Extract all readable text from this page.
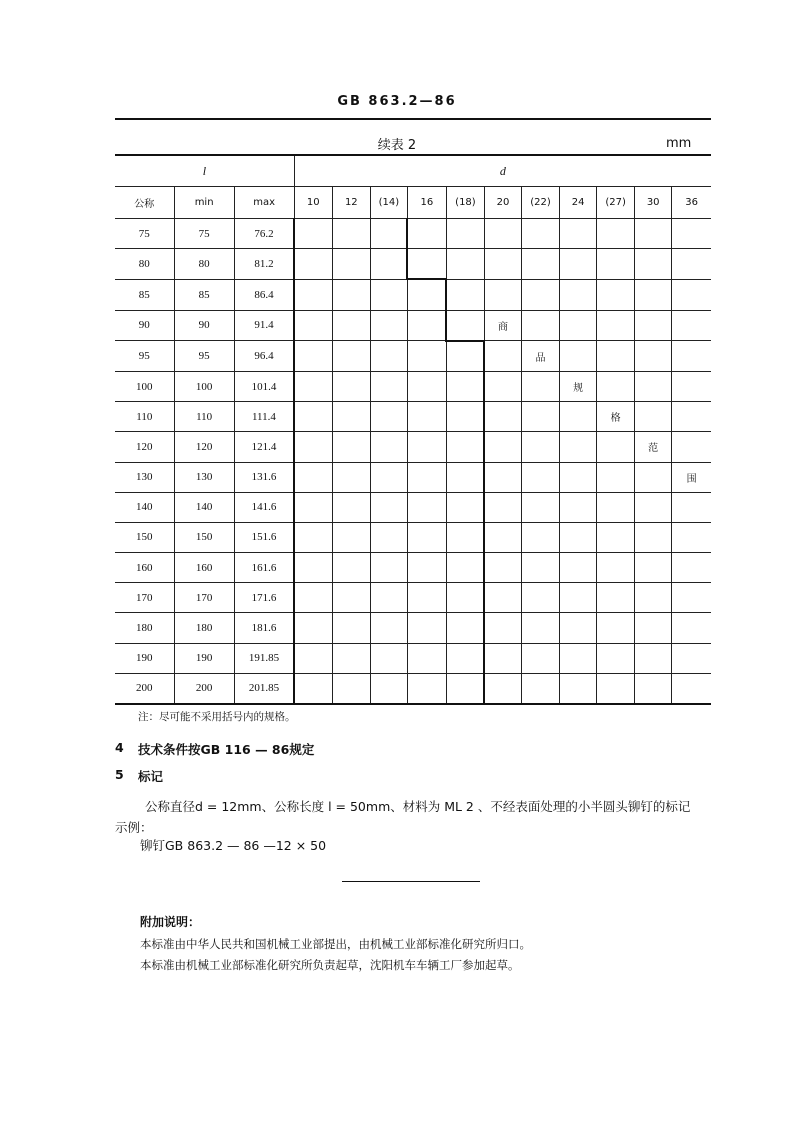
GB 863.2—86
续表 2	mm
l			d										
公称	min	max	10	12	(14)	16	(18)	20	(22)	24	(27)	30	36
75	75	76.2											
80	80	81.2											
85	85	86.4											
90	90	91.4						商					
95	95	96.4							品				
100	100	101.4								规			
110	110	111.4									格		
120	120	121.4										范	
130	130	131.6											围
140	140	141.6											
150	150	151.6											
160	160	161.6											
170	170	171.6											
180	180	181.6											
190	190	191.85											
200	200	201.85											
注：尽可能不采用括号内的规格。
4 技术条件按GB 116 — 86规定
5 标记
公称直径d = 12mm、公称长度 l = 50mm、材料为 ML 2 、不经表面处理的小半圆头铆钉的标记
示例：
铆钉GB 863.2 — 86 —12 × 50
附加说明：
本标准由中华人民共和国机械工业部提出，由机械工业部标准化研究所归口。
本标准由机械工业部标准化研究所负责起草，沈阳机车车辆工厂参加起草。
